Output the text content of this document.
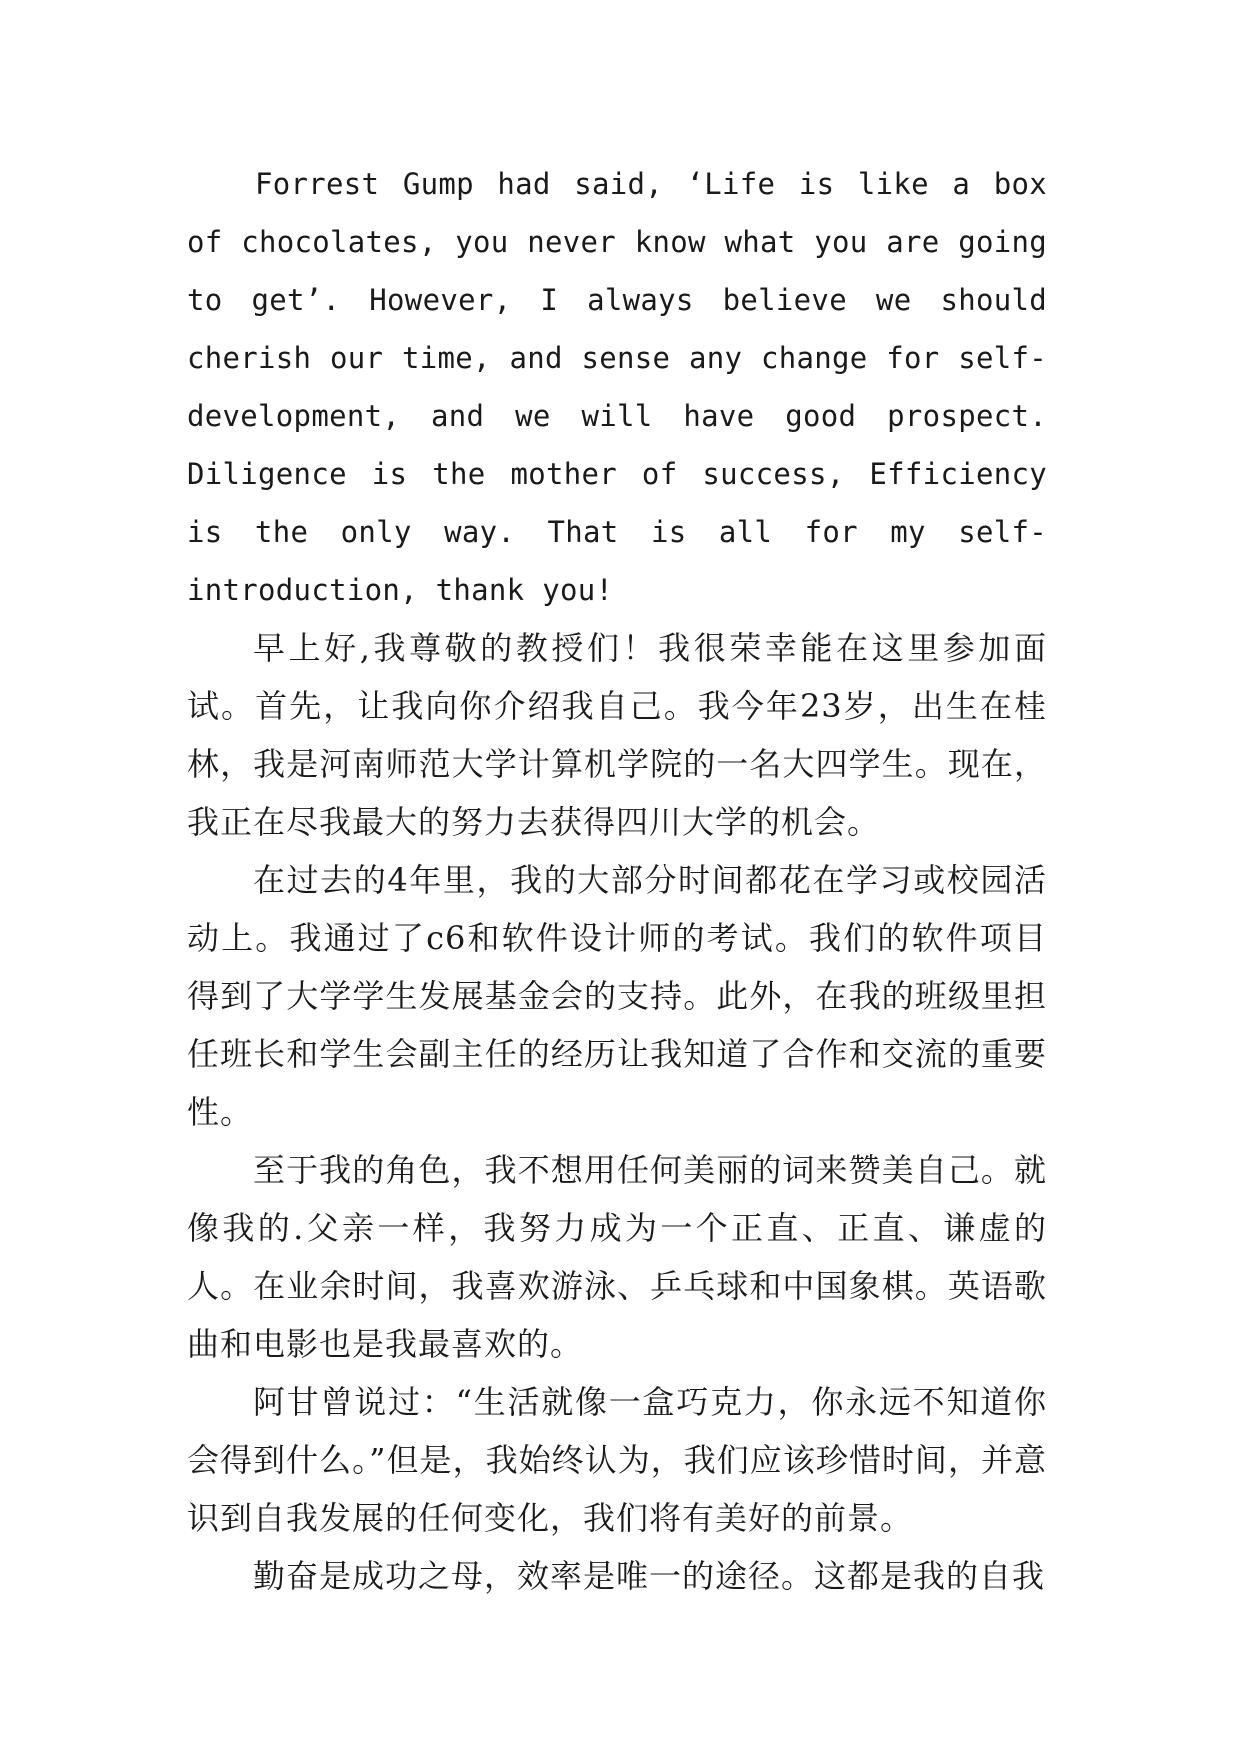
Forrest Gump had said, ‘Life is like a box of chocolates, you never know what you are going to get’. However, I always believe we should cherish our time, and sense any change for self-development, and we will have good prospect. Diligence is the mother of success, Efficiency is the only way. That is all for my self-introduction, thank you!

早上好,我尊敬的教授们！我很荣幸能在这里参加面试。首先，让我向你介绍我自己。我今年23岁，出生在桂林，我是河南师范大学计算机学院的一名大四学生。现在，我正在尽我最大的努力去获得四川大学的机会。

在过去的4年里，我的大部分时间都花在学习或校园活动上。我通过了c6和软件设计师的考试。我们的软件项目得到了大学学生发展基金会的支持。此外，在我的班级里担任班长和学生会副主任的经历让我知道了合作和交流的重要性。

至于我的角色，我不想用任何美丽的词来赞美自己。就像我的.父亲一样，我努力成为一个正直、正直、谦虚的人。在业余时间，我喜欢游泳、乒乓球和中国象棋。英语歌曲和电影也是我最喜欢的。

阿甘曾说过：“生活就像一盒巧克力，你永远不知道你会得到什么。”但是，我始终认为，我们应该珍惜时间，并意识到自我发展的任何变化，我们将有美好的前景。

勤奋是成功之母，效率是唯一的途径。这都是我的自我
